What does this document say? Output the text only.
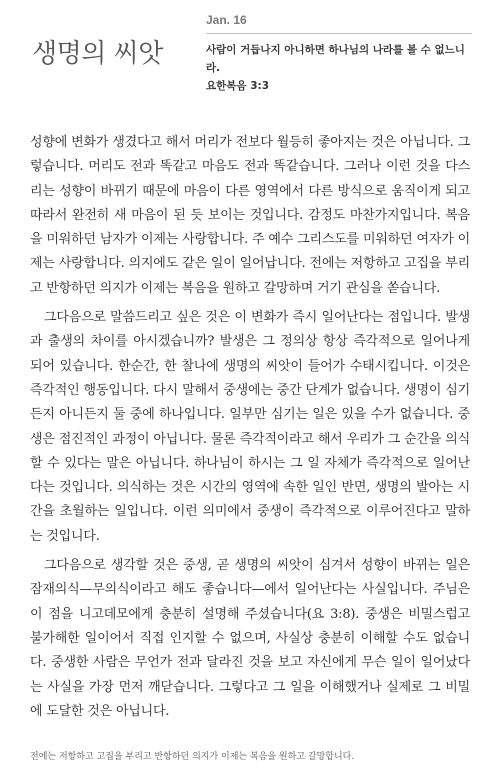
생명의 씨앗
Jan. 16

사람이 거듭나지 아니하면 하나님의 나라를 볼 수 없느니라.

요한복음 3:3

성향에 변화가 생겼다고 해서 머리가 전보다 월등히 좋아지는 것은 아닙니다. 그렇습니다. 머리도 전과 똑같고 마음도 전과 똑같습니다. 그러나 이런 것을 다스리는 성향이 바뀌기 때문에 마음이 다른 영역에서 다른 방식으로 움직이게 되고 따라서 완전히 새 마음이 된 듯 보이는 것입니다. 감정도 마찬가지입니다. 복음을 미워하던 남자가 이제는 사랑합니다. 주 예수 그리스도를 미워하던 여자가 이제는 사랑합니다. 의지에도 같은 일이 일어납니다. 전에는 저항하고 고집을 부리고 반항하던 의지가 이제는 복음을 원하고 갈망하며 거기 관심을 쏟습니다.

그다음으로 말씀드리고 싶은 것은 이 변화가 즉시 일어난다는 점입니다. 발생과 출생의 차이를 아시겠습니까? 발생은 그 정의상 항상 즉각적으로 일어나게 되어 있습니다. 한순간, 한 찰나에 생명의 씨앗이 들어가 수태시킵니다. 이것은 즉각적인 행동입니다. 다시 말해서 중생에는 중간 단계가 없습니다. 생명이 심기든지 아니든지 둘 중에 하나입니다. 일부만 심기는 일은 있을 수가 없습니다. 중생은 점진적인 과정이 아닙니다. 물론 즉각적이라고 해서 우리가 그 순간을 의식할 수 있다는 말은 아닙니다. 하나님이 하시는 그 일 자체가 즉각적으로 일어난다는 것입니다. 의식하는 것은 시간의 영역에 속한 일인 반면, 생명의 발아는 시간을 초월하는 일입니다. 이런 의미에서 중생이 즉각적으로 이루어진다고 말하는 것입니다.

그다음으로 생각할 것은 중생, 곧 생명의 씨앗이 심겨서 성향이 바뀌는 일은 잠재의식—무의식이라고 해도 좋습니다—에서 일어난다는 사실입니다. 주님은 이 점을 니고데모에게 충분히 설명해 주셨습니다(요 3:8). 중생은 비밀스럽고 불가해한 일이어서 직접 인지할 수 없으며, 사실상 충분히 이해할 수도 없습니다. 중생한 사람은 무언가 전과 달라진 것을 보고 자신에게 무슨 일이 일어났다는 사실을 가장 먼저 깨닫습니다. 그렇다고 그 일을 이해했거나 실제로 그 비밀에 도달한 것은 아닙니다.

전에는 저항하고 고집을 부리고 반항하던 의지가 이제는 복음을 원하고 갈망합니다.
